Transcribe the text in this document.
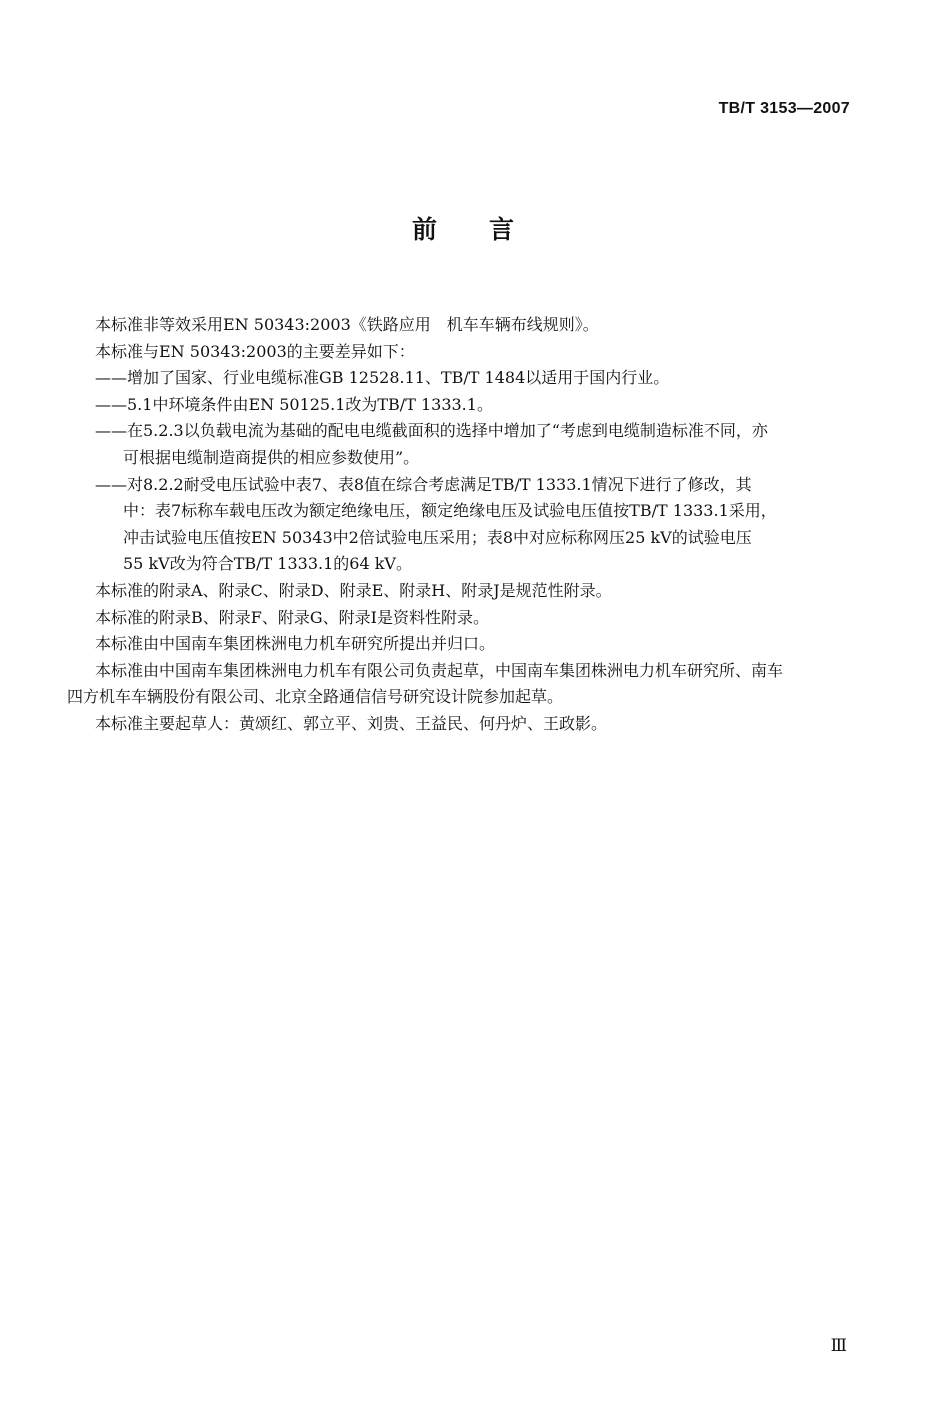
TB/T 3153—2007
前言

本标准非等效采用EN 50343:2003《铁路应用　机车车辆布线规则》。

本标准与EN 50343:2003的主要差异如下：

——增加了国家、行业电缆标准GB 12528.11、TB/T 1484以适用于国内行业。

——5.1中环境条件由EN 50125.1改为TB/T 1333.1。

——在5.2.3以负载电流为基础的配电电缆截面积的选择中增加了“考虑到电缆制造标准不同，亦

可根据电缆制造商提供的相应参数使用”。

——对8.2.2耐受电压试验中表7、表8值在综合考虑满足TB/T 1333.1情况下进行了修改，其

中：表7标称车载电压改为额定绝缘电压，额定绝缘电压及试验电压值按TB/T 1333.1采用，

冲击试验电压值按EN 50343中2倍试验电压采用；表8中对应标称网压25 kV的试验电压

55 kV改为符合TB/T 1333.1的64 kV。

本标准的附录A、附录C、附录D、附录E、附录H、附录J是规范性附录。

本标准的附录B、附录F、附录G、附录I是资料性附录。

本标准由中国南车集团株洲电力机车研究所提出并归口。

本标准由中国南车集团株洲电力机车有限公司负责起草，中国南车集团株洲电力机车研究所、南车

四方机车车辆股份有限公司、北京全路通信信号研究设计院参加起草。

本标准主要起草人：黄颂红、郭立平、刘贵、王益民、何丹炉、王政影。

Ⅲ
